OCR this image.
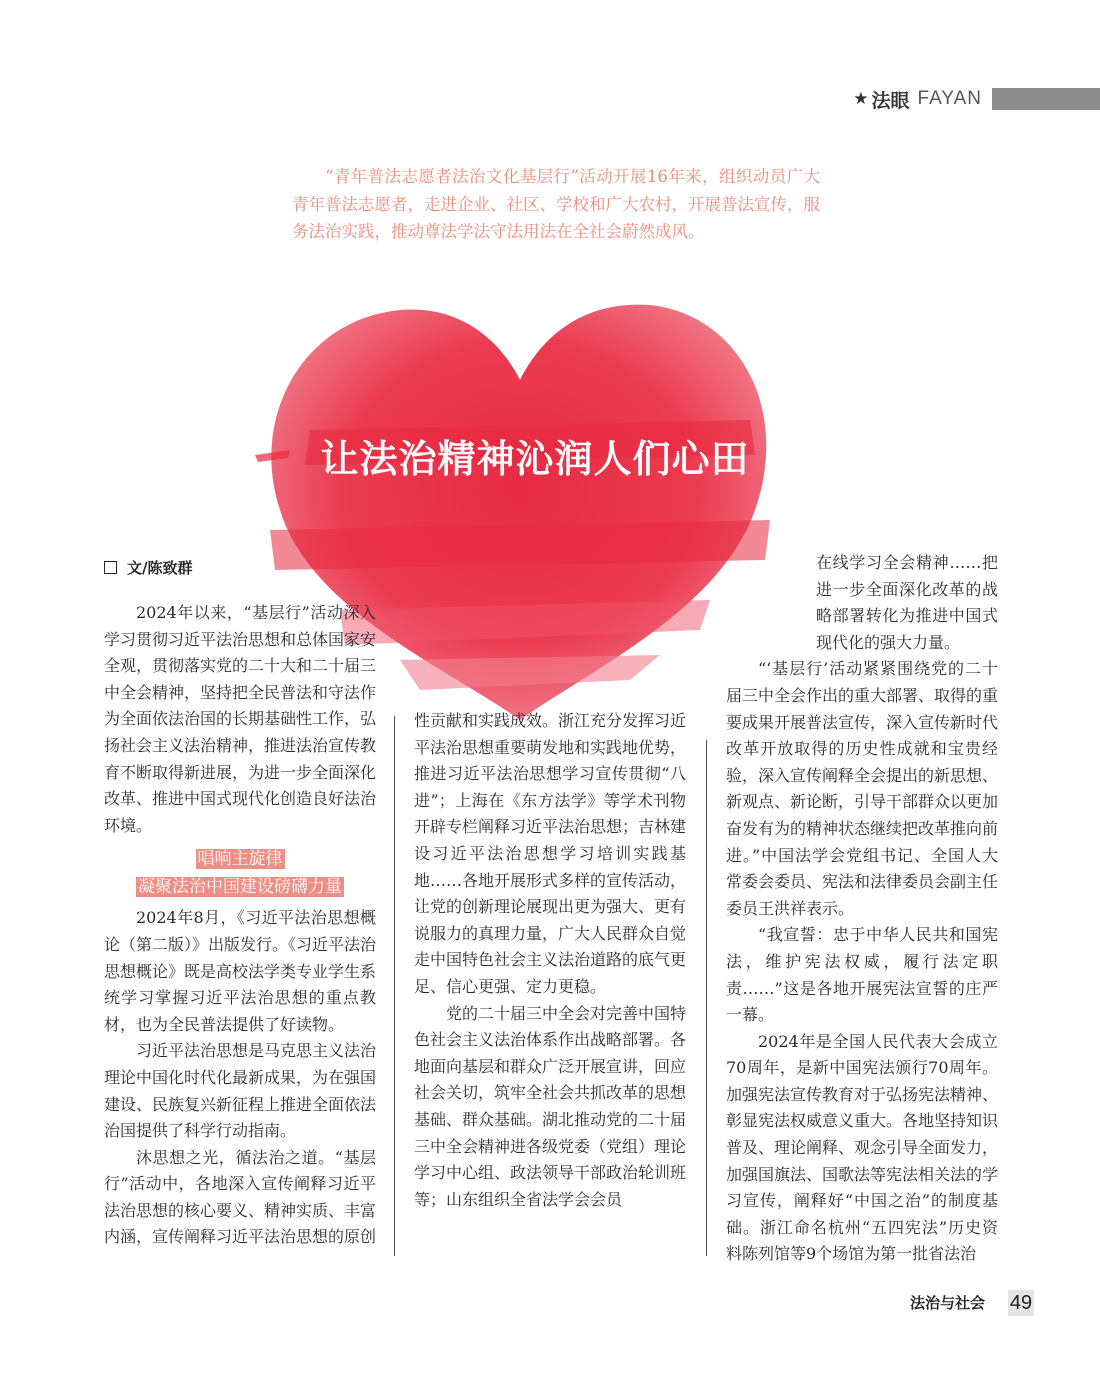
★ 法眼 FAYAN

“青年普法志愿者法治文化基层行”活动开展16年来，组织动员广大青年普法志愿者，走进企业、社区、学校和广大农村，开展普法宣传，服务法治实践，推动尊法学法守法用法在全社会蔚然成风。

让法治精神沁润人们心田
文/陈致群

2024年以来，“基层行”活动深入学习贯彻习近平法治思想和总体国家安全观，贯彻落实党的二十大和二十届三中全会精神，坚持把全民普法和守法作为全面依法治国的长期基础性工作，弘扬社会主义法治精神，推进法治宣传教育不断取得新进展，为进一步全面深化改革、推进中国式现代化创造良好法治环境。

唱响主旋律
凝聚法治中国建设磅礴力量

2024年8月，《习近平法治思想概论（第二版）》出版发行。《习近平法治思想概论》既是高校法学类专业学生系统学习掌握习近平法治思想的重点教材，也为全民普法提供了好读物。

习近平法治思想是马克思主义法治理论中国化时代化最新成果，为在强国建设、民族复兴新征程上推进全面依法治国提供了科学行动指南。

沐思想之光，循法治之道。“基层行”活动中，各地深入宣传阐释习近平法治思想的核心要义、精神实质、丰富内涵，宣传阐释习近平法治思想的原创

性贡献和实践成效。浙江充分发挥习近平法治思想重要萌发地和实践地优势，推进习近平法治思想学习宣传贯彻“八进”；上海在《东方法学》等学术刊物开辟专栏阐释习近平法治思想；吉林建设习近平法治思想学习培训实践基地……各地开展形式多样的宣传活动，让党的创新理论展现出更为强大、更有说服力的真理力量，广大人民群众自觉走中国特色社会主义法治道路的底气更足、信心更强、定力更稳。

党的二十届三中全会对完善中国特色社会主义法治体系作出战略部署。各地面向基层和群众广泛开展宣讲，回应社会关切，筑牢全社会共抓改革的思想基础、群众基础。湖北推动党的二十届三中全会精神进各级党委（党组）理论学习中心组、政法领导干部政治轮训班等；山东组织全省法学会会员

在线学习全会精神……把进一步全面深化改革的战略部署转化为推进中国式现代化的强大力量。

“‘基层行’活动紧紧围绕党的二十届三中全会作出的重大部署、取得的重要成果开展普法宣传，深入宣传新时代改革开放取得的历史性成就和宝贵经验，深入宣传阐释全会提出的新思想、新观点、新论断，引导干部群众以更加奋发有为的精神状态继续把改革推向前进。”中国法学会党组书记、全国人大常委会委员、宪法和法律委员会副主任委员王洪祥表示。

“我宣誓：忠于中华人民共和国宪法，维护宪法权威，履行法定职责……”这是各地开展宪法宣誓的庄严一幕。

2024年是全国人民代表大会成立70周年，是新中国宪法颁行70周年。加强宪法宣传教育对于弘扬宪法精神、彰显宪法权威意义重大。各地坚持知识普及、理论阐释、观念引导全面发力，加强国旗法、国歌法等宪法相关法的学习宣传，阐释好“中国之治”的制度基础。浙江命名杭州“五四宪法”历史资料陈列馆等9个场馆为第一批省法治

法治与社会 49
